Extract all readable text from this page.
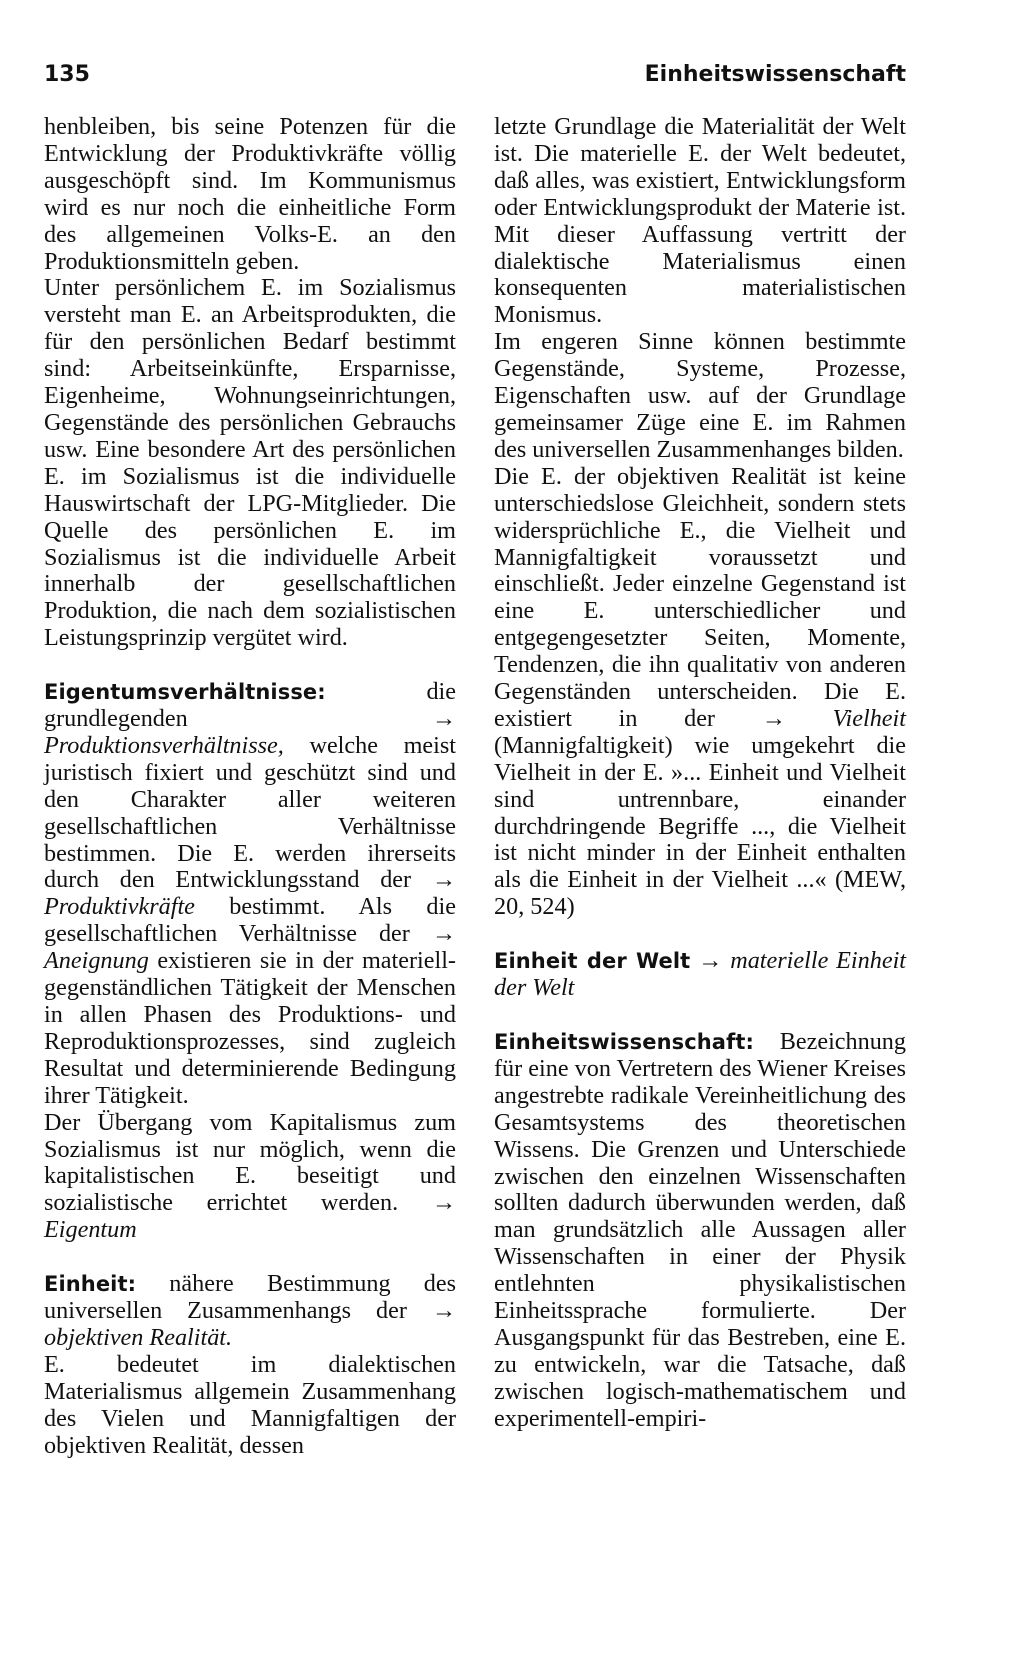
135	Einheitswissenschaft

henbleiben, bis seine Potenzen für die Entwicklung der Produktivkräfte völlig ausgeschöpft sind. Im Kommunismus wird es nur noch die einheitliche Form des allgemeinen Volks-E. an den Produktionsmitteln geben.

Unter persönlichem E. im Sozialismus versteht man E. an Arbeitsprodukten, die für den persönlichen Bedarf bestimmt sind: Arbeitseinkünfte, Ersparnisse, Eigenheime, Wohnungseinrichtungen, Gegenstände des persönlichen Gebrauchs usw. Eine besondere Art des persönlichen E. im Sozialismus ist die individuelle Hauswirtschaft der LPG-Mitglieder. Die Quelle des persönlichen E. im Sozialismus ist die individuelle Arbeit innerhalb der gesellschaftlichen Produktion, die nach dem sozialistischen Leistungsprinzip vergütet wird.

Eigentumsverhältnisse: die grundlegenden → Produktionsverhältnisse, welche meist juristisch fixiert und geschützt sind und den Charakter aller weiteren gesellschaftlichen Verhältnisse bestimmen. Die E. werden ihrerseits durch den Entwicklungsstand der → Produktivkräfte bestimmt. Als die gesellschaftlichen Verhältnisse der → Aneignung existieren sie in der materiell-gegenständlichen Tätigkeit der Menschen in allen Phasen des Produktions- und Reproduktionsprozesses, sind zugleich Resultat und determinierende Bedingung ihrer Tätigkeit.

Der Übergang vom Kapitalismus zum Sozialismus ist nur möglich, wenn die kapitalistischen E. beseitigt und sozialistische errichtet werden. → Eigentum

Einheit: nähere Bestimmung des universellen Zusammenhangs der → objektiven Realität.

E. bedeutet im dialektischen Materialismus allgemein Zusammenhang des Vielen und Mannigfaltigen der objektiven Realität, dessen

letzte Grundlage die Materialität der Welt ist. Die materielle E. der Welt bedeutet, daß alles, was existiert, Entwicklungsform oder Entwicklungsprodukt der Materie ist. Mit dieser Auffassung vertritt der dialektische Materialismus einen konsequenten materialistischen Monismus.

Im engeren Sinne können bestimmte Gegenstände, Systeme, Prozesse, Eigenschaften usw. auf der Grundlage gemeinsamer Züge eine E. im Rahmen des universellen Zusammenhanges bilden.

Die E. der objektiven Realität ist keine unterschiedslose Gleichheit, sondern stets widersprüchliche E., die Vielheit und Mannigfaltigkeit voraussetzt und einschließt. Jeder einzelne Gegenstand ist eine E. unterschiedlicher und entgegengesetzter Seiten, Momente, Tendenzen, die ihn qualitativ von anderen Gegenständen unterscheiden. Die E. existiert in der → Vielheit (Mannigfaltigkeit) wie umgekehrt die Vielheit in der E. »... Einheit und Vielheit sind untrennbare, einander durchdringende Begriffe ..., die Vielheit ist nicht minder in der Einheit enthalten als die Einheit in der Vielheit ...« (MEW, 20, 524)

Einheit der Welt → materielle Einheit der Welt

Einheitswissenschaft: Bezeichnung für eine von Vertretern des Wiener Kreises angestrebte radikale Vereinheitlichung des Gesamtsystems des theoretischen Wissens. Die Grenzen und Unterschiede zwischen den einzelnen Wissenschaften sollten dadurch überwunden werden, daß man grundsätzlich alle Aussagen aller Wissenschaften in einer der Physik entlehnten physikalistischen Einheitssprache formulierte. Der Ausgangspunkt für das Bestreben, eine E. zu entwickeln, war die Tatsache, daß zwischen logisch-mathematischem und experimentell-empiri-
